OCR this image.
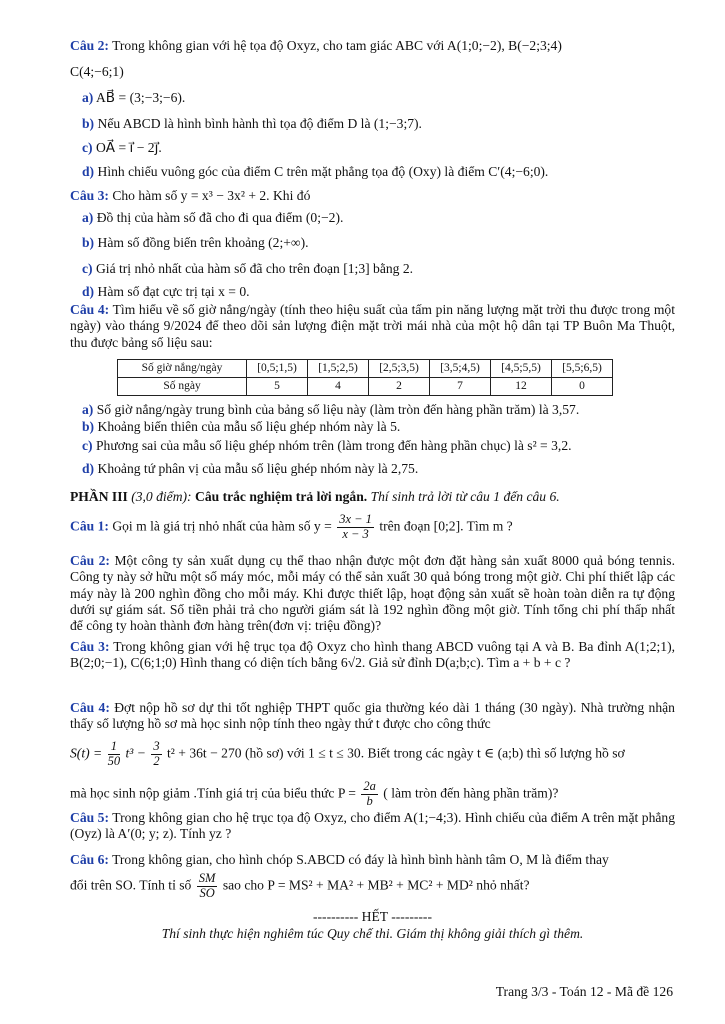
Câu 2: Trong không gian với hệ tọa độ Oxyz, cho tam giác ABC với A(1;0;−2), B(−2;3;4)
C(4;−6;1)
a) AB⃗ = (3;−3;−6).
b) Nếu ABCD là hình bình hành thì tọa độ điểm D là (1;−3;7).
c) OA⃗ = i⃗ − 2j⃗.
d) Hình chiếu vuông góc của điểm C trên mặt phẳng tọa độ (Oxy) là điểm C′(4;−6;0).
Câu 3: Cho hàm số y = x³ − 3x² + 2. Khi đó
a) Đồ thị của hàm số đã cho đi qua điểm (0;−2).
b) Hàm số đồng biến trên khoảng (2;+∞).
c) Giá trị nhỏ nhất của hàm số đã cho trên đoạn [1;3] bằng 2.
d) Hàm số đạt cực trị tại x = 0.
Câu 4: Tìm hiểu về số giờ nắng/ngày (tính theo hiệu suất của tấm pin năng lượng mặt trời thu được trong một ngày) vào tháng 9/2024 để theo dõi sản lượng điện mặt trời mái nhà của một hộ dân tại TP Buôn Ma Thuột, thu được bảng số liệu sau:
Số giờ nắng/ngày	[0,5;1,5)	[1,5;2,5)	[2,5;3,5)	[3,5;4,5)	[4,5;5,5)	[5,5;6,5)
Số ngày	5	4	2	7	12	0
a) Số giờ nắng/ngày trung bình của bảng số liệu này (làm tròn đến hàng phần trăm) là 3,57.
b) Khoảng biến thiên của mẫu số liệu ghép nhóm này là 5.
c) Phương sai của mẫu số liệu ghép nhóm trên (làm trong đến hàng phần chục) là s² = 3,2.
d) Khoảng tứ phân vị của mẫu số liệu ghép nhóm này là 2,75.
PHẦN III (3,0 điểm): Câu trắc nghiệm trả lời ngắn. Thí sinh trả lời từ câu 1 đến câu 6.
Câu 1: Gọi m là giá trị nhỏ nhất của hàm số $y = \frac{3x - 1}{x - 3}$ trên đoạn [0;2]. Tìm m ?
Câu 2: Một công ty sản xuất dụng cụ thể thao nhận được một đơn đặt hàng sản xuất 8000 quả bóng tennis. Công ty này sở hữu một số máy móc, mỗi máy có thể sản xuất 30 quả bóng trong một giờ. Chi phí thiết lập các máy này là 200 nghìn đồng cho mỗi máy. Khi được thiết lập, hoạt động sản xuất sẽ hoàn toàn diễn ra tự động dưới sự giám sát. Số tiền phải trả cho người giám sát là 192 nghìn đồng một giờ. Tính tổng chi phí thấp nhất để công ty hoàn thành đơn hàng trên(đơn vị: triệu đồng)?
Câu 3: Trong không gian với hệ trục tọa độ Oxyz cho hình thang ABCD vuông tại A và B. Ba đỉnh A(1;2;1), B(2;0;−1), C(6;1;0) Hình thang có diện tích bằng 6√2. Giả sử đỉnh D(a;b;c). Tìm a + b + c ?
Câu 4: Đợt nộp hồ sơ dự thi tốt nghiệp THPT quốc gia thường kéo dài 1 tháng (30 ngày). Nhà trường nhận thấy số lượng hồ sơ mà học sinh nộp tính theo ngày thứ t được cho công thức
$S(t) = \frac{1}{50} t^3 - \frac{3}{2} t^2 + 36t - 270$ (hồ sơ) với 1 ≤ t ≤ 30. Biết trong các ngày t ∈ (a;b) thì số lượng hồ sơ
mà học sinh nộp giảm .Tính giá trị của biểu thức $P = \frac{2a}{b}$ ( làm tròn đến hàng phần trăm)?
Câu 5: Trong không gian cho hệ trục tọa độ Oxyz, cho điểm A(1;−4;3). Hình chiếu của điểm A trên mặt phẳng (Oyz) là A′(0; y; z). Tính yz ?
Câu 6: Trong không gian, cho hình chóp S.ABCD có đáy là hình bình hành tâm O, M là điểm thay
đổi trên SO. Tính tỉ số $\frac{SM}{SO}$ sao cho P = MS² + MA² + MB² + MC² + MD² nhỏ nhất?
---------- HẾT ---------
Thí sinh thực hiện nghiêm túc Quy chế thi. Giám thị không giải thích gì thêm.
Trang 3/3 - Toán 12 - Mã đề 126
